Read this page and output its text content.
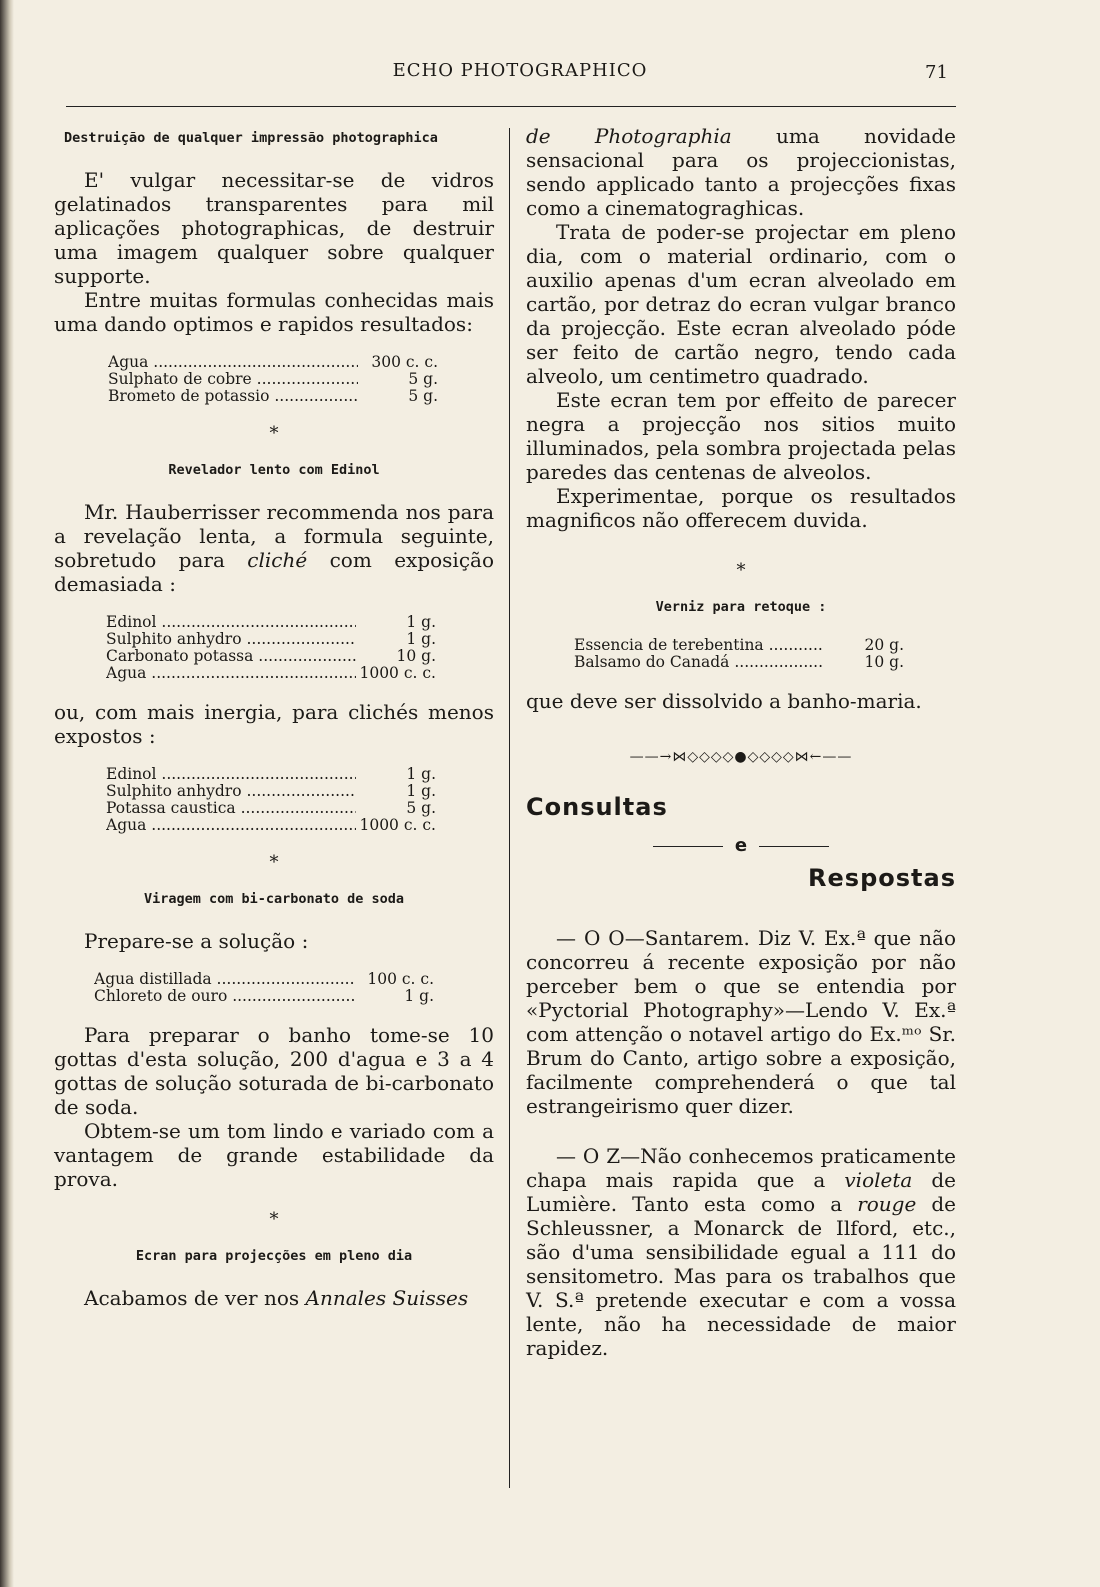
ECHO PHOTOGRAPHICO	71
Destruição de qualquer impressão photographica

E' vulgar necessitar-se de vidros gelatinados transparentes para mil aplicações photographicas, de destruir uma imagem qualquer sobre qualquer supporte.

Entre muitas formulas conhecidas mais uma dando optimos e rapidos resultados:

Agua .....	300 c. c.
Sulphato de cobre .....	5 g.
Brometo de potassio .....	5 g.
*
Revelador lento com Edinol

Mr. Hauberrisser recommenda nos para a revelação lenta, a formula seguinte, sobretudo para cliché com exposição demasiada :

Edinol .....	1 g.
Sulphito anhydro .....	1 g.
Carbonato potassa .....	10 g.
Agua .....	1000 c. c.

ou, com mais inergia, para clichés menos expostos :

Edinol .....	1 g.
Sulphito anhydro .....	1 g.
Potassa caustica .....	5 g.
Agua .....	1000 c. c.
*
Viragem com bi-carbonato de soda

Prepare-se a solução :

Agua distillada .....	100 c. c.
Chloreto de ouro .....	1 g.

Para preparar o banho tome-se 10 gottas d'esta solução, 200 d'agua e 3 a 4 gottas de solução soturada de bi-carbonato de soda.

Obtem-se um tom lindo e variado com a vantagem de grande estabilidade da prova.

*
Ecran para projecções em pleno dia

Acabamos de ver nos Annales Suisses

de Photographia uma novidade sensacional para os projeccionistas, sendo applicado tanto a projecções fixas como a cinematograghicas.

Trata de poder-se projectar em pleno dia, com o material ordinario, com o auxilio apenas d'um ecran alveolado em cartão, por detraz do ecran vulgar branco da projecção. Este ecran alveolado póde ser feito de cartão negro, tendo cada alveolo, um centimetro quadrado.

Este ecran tem por effeito de parecer negra a projecção nos sitios muito illuminados, pela sombra projectada pelas paredes das centenas de alveolos.

Experimentae, porque os resultados magnificos não offerecem duvida.

*
Verniz para retoque :
Essencia de terebentina .....	20 g.
Balsamo do Canadá .....	10 g.

que deve ser dissolvido a banho-maria.

——→⋈◇◇◇◇●◇◇◇◇⋈←——
Consultas
e
Respostas

— O O—Santarem. Diz V. Ex.ª que não concorreu á recente exposição por não perceber bem o que se entendia por «Pyctorial Photography»—Lendo V. Ex.ª com attenção o notavel artigo do Ex.ᵐᵒ Sr. Brum do Canto, artigo sobre a exposição, facilmente comprehenderá o que tal estrangeirismo quer dizer.

— O Z—Não conhecemos praticamente chapa mais rapida que a violeta de Lumière. Tanto esta como a rouge de Schleussner, a Monarck de Ilford, etc., são d'uma sensibilidade egual a 111 do sensitometro. Mas para os trabalhos que V. S.ª pretende executar e com a vossa lente, não ha necessidade de maior rapidez.
